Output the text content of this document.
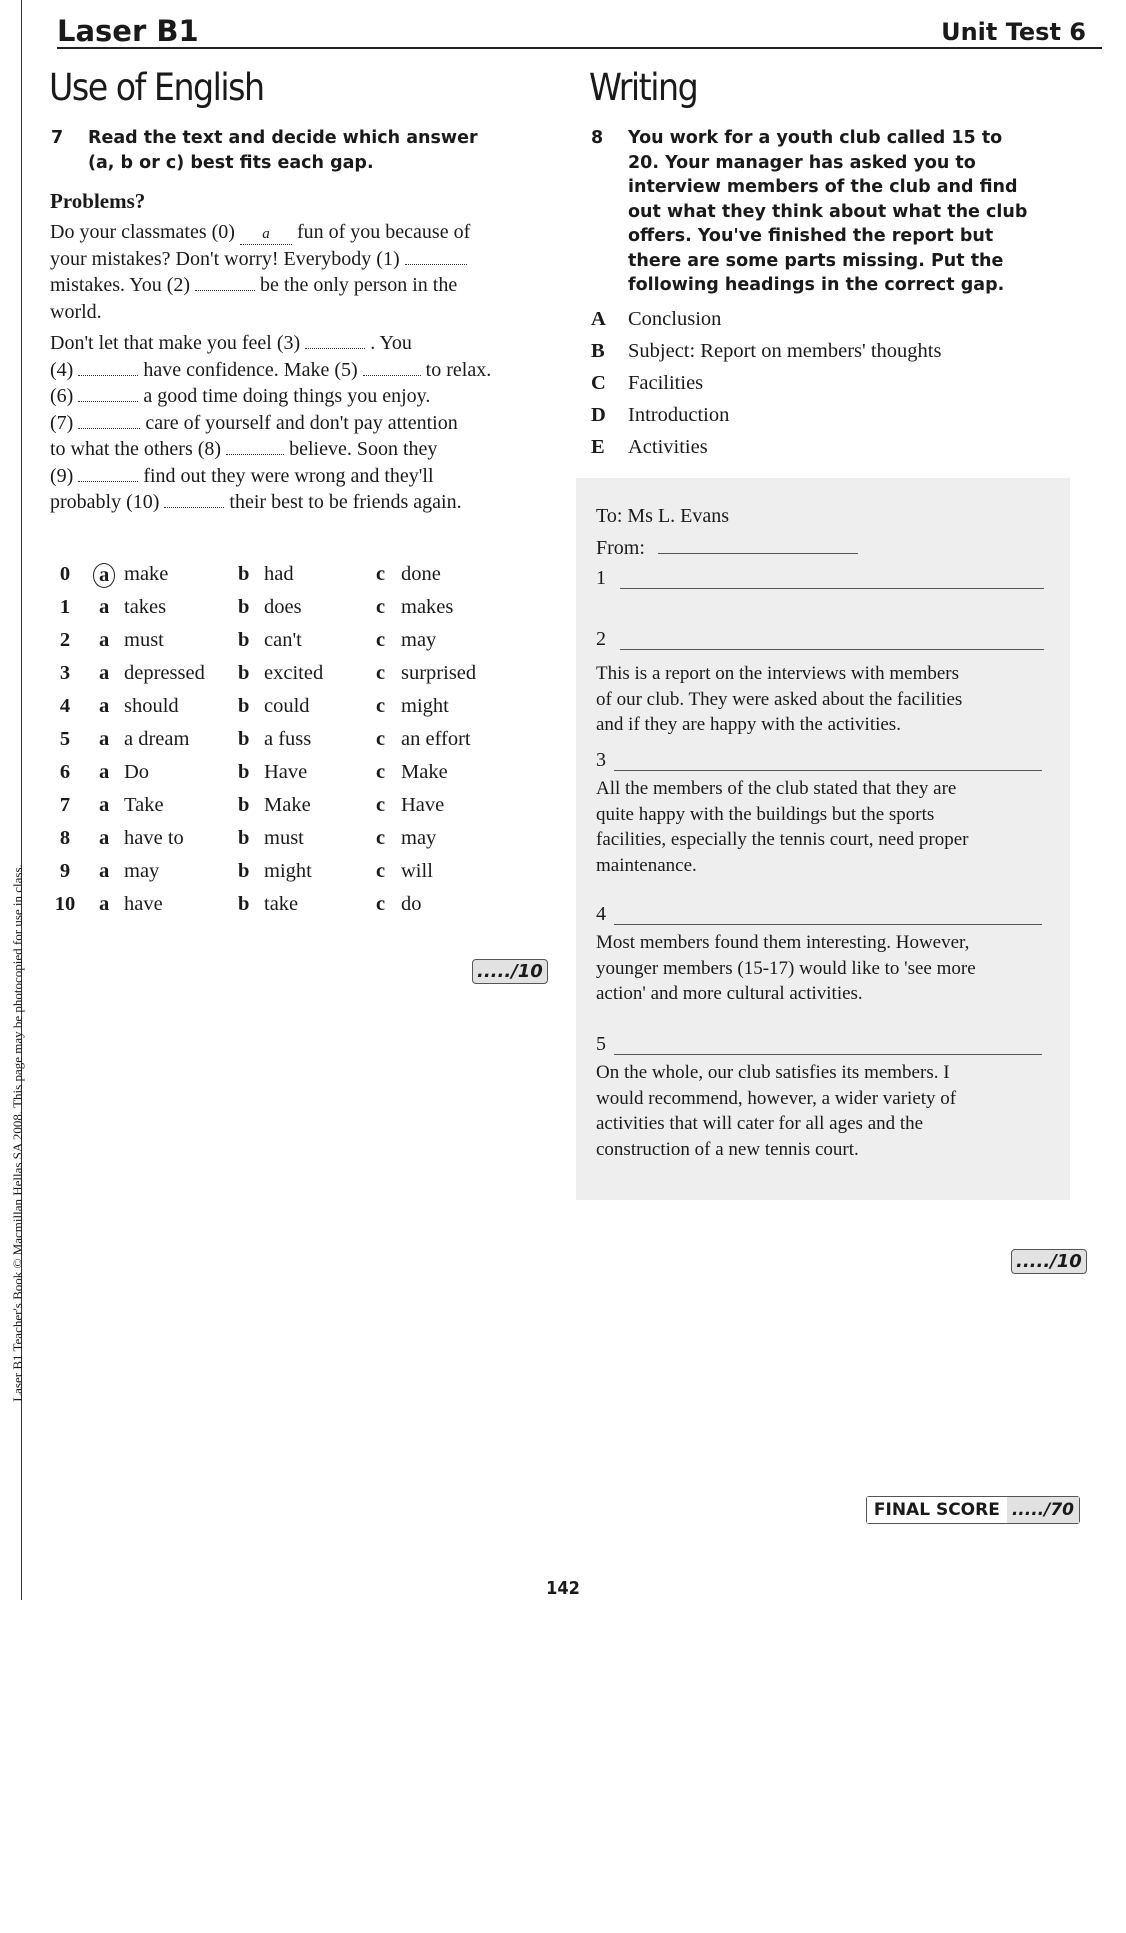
Laser B1	Unit Test 6
Laser B1 Teacher's Book © Macmillan Hellas SA 2008. This page may be photocopied for use in class.
Use of English
7 Read the text and decide which answer
(a, b or c) best fits each gap.
Problems?
Do your classmates (0) a fun of you because of
your mistakes? Don't worry! Everybody (1)
mistakes. You (2)	be the only person in the
world.
Don't let that make you feel (3)	. You
(4)	have confidence. Make (5)	to relax.
(6)	a good time doing things you enjoy.
(7)	care of yourself and don't pay attention
to what the others (8)	believe. Soon they
(9)	find out they were wrong and they'll
probably (10)	their best to be friends again.
0 a make	b had	c done
1 a takes	b does	c makes
2 a must	b can't	c may
3 a depressed b excited	c surprised
4 a should	b could	c might
5 a a dream b a fuss	c an effort
6 a Do	b Have	c Make
7 a Take	b Make	c Have
8 a have to	b must	c may
9 a may	b might	c will
10 a have	b take	c do
...../10
Writing
8 You work for a youth club called 15 to
20. Your manager has asked you to
interview members of the club and find
out what they think about what the club
offers. You've finished the report but
there are some parts missing. Put the
following headings in the correct gap.
A Conclusion
B Subject: Report on members' thoughts
C Facilities
D Introduction
E Activities
To: Ms L. Evans
From:
1
2
This is a report on the interviews with members
of our club. They were asked about the facilities
and if they are happy with the activities.
3
All the members of the club stated that they are
quite happy with the buildings but the sports
facilities, especially the tennis court, need proper
maintenance.
4
Most members found them interesting. However,
younger members (15-17) would like to 'see more
action' and more cultural activities.
5
On the whole, our club satisfies its members. I
would recommend, however, a wider variety of
activities that will cater for all ages and the
construction of a new tennis court.
...../10
FINAL SCORE ...../70
142
